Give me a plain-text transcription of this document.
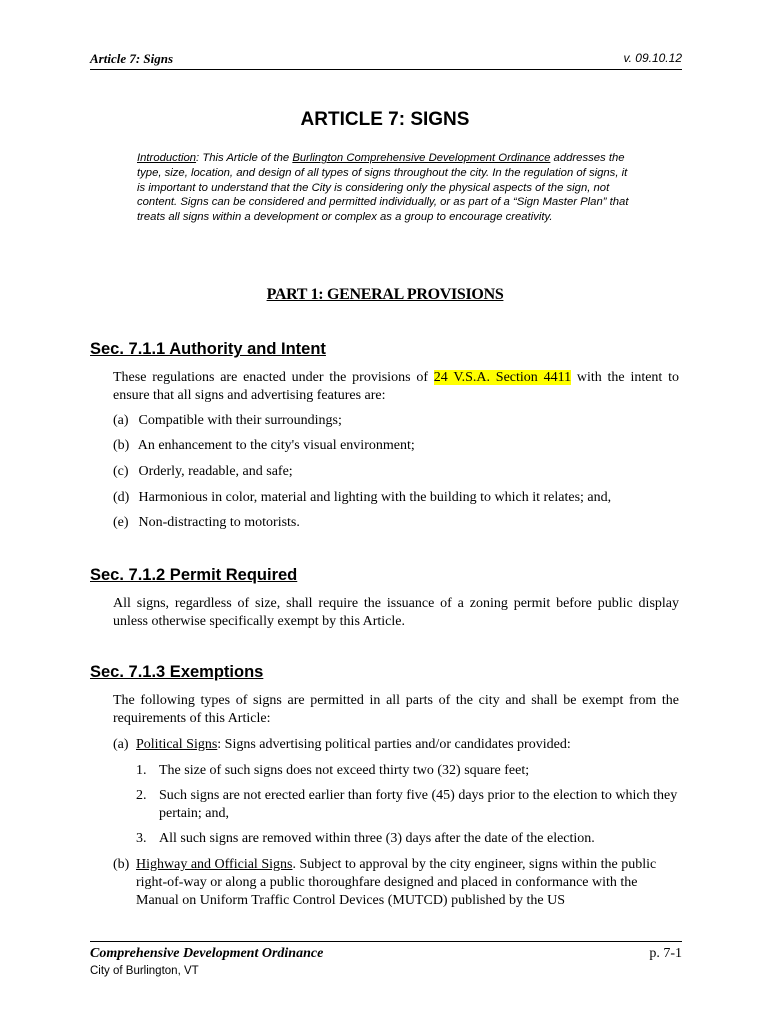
Article 7: Signs	v. 09.10.12
ARTICLE 7: SIGNS
Introduction: This Article of the Burlington Comprehensive Development Ordinance addresses the type, size, location, and design of all types of signs throughout the city. In the regulation of signs, it is important to understand that the City is considering only the physical aspects of the sign, not content. Signs can be considered and permitted individually, or as part of a “Sign Master Plan” that treats all signs within a development or complex as a group to encourage creativity.
PART 1: GENERAL PROVISIONS
Sec. 7.1.1 Authority and Intent
These regulations are enacted under the provisions of 24 V.S.A. Section 4411 with the intent to ensure that all signs and advertising features are:
(a) Compatible with their surroundings;
(b) An enhancement to the city's visual environment;
(c) Orderly, readable, and safe;
(d) Harmonious in color, material and lighting with the building to which it relates; and,
(e) Non-distracting to motorists.
Sec. 7.1.2 Permit Required
All signs, regardless of size, shall require the issuance of a zoning permit before public display unless otherwise specifically exempt by this Article.
Sec. 7.1.3 Exemptions
The following types of signs are permitted in all parts of the city and shall be exempt from the requirements of this Article:
(a) Political Signs: Signs advertising political parties and/or candidates provided:
1. The size of such signs does not exceed thirty two (32) square feet;
2. Such signs are not erected earlier than forty five (45) days prior to the election to which they pertain; and,
3. All such signs are removed within three (3) days after the date of the election.
(b) Highway and Official Signs. Subject to approval by the city engineer, signs within the public right-of-way or along a public thoroughfare designed and placed in conformance with the Manual on Uniform Traffic Control Devices (MUTCD) published by the US
Comprehensive Development Ordinance	p. 7-1
City of Burlington, VT
